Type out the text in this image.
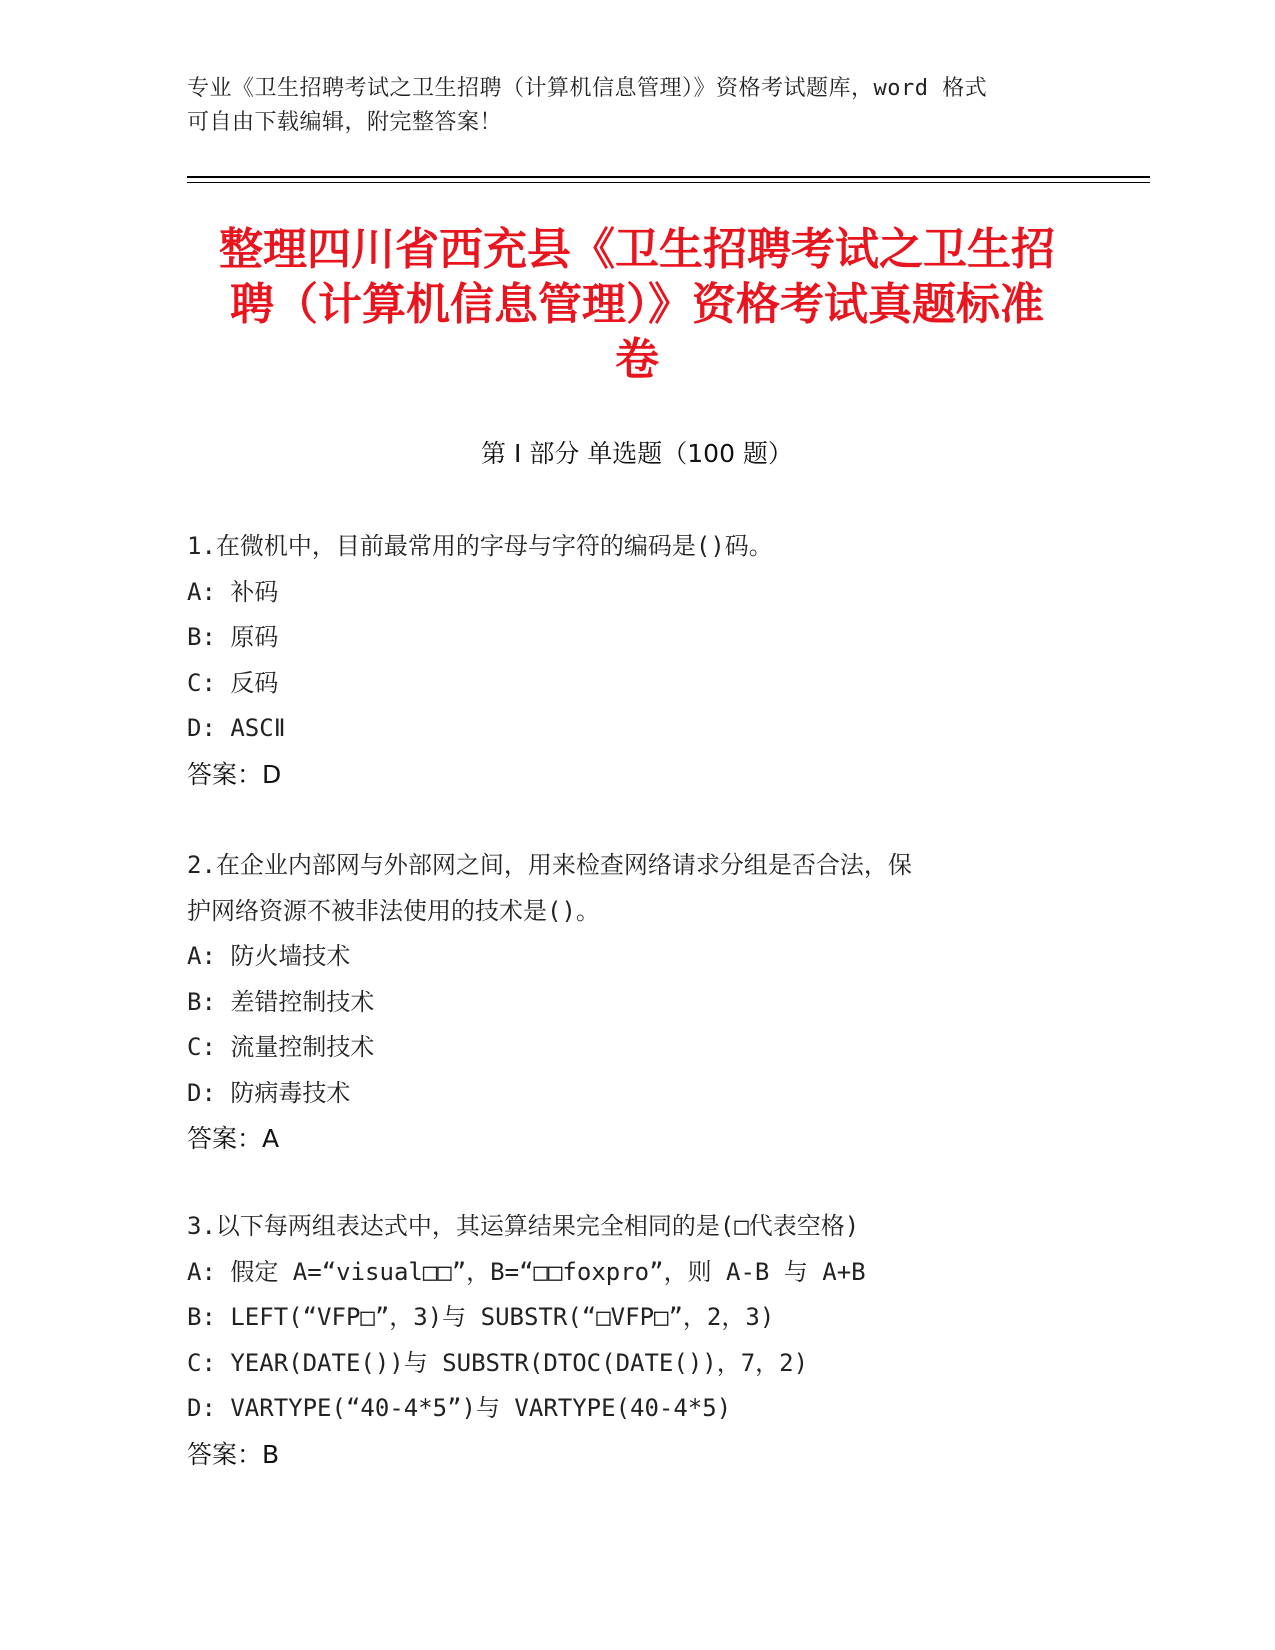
专业《卫生招聘考试之卫生招聘（计算机信息管理）》资格考试题库，word 格式
可自由下载编辑，附完整答案！
整理四川省西充县《卫生招聘考试之卫生招
聘（计算机信息管理）》资格考试真题标准
卷
第 I 部分 单选题（100 题）
1.在微机中，目前最常用的字母与字符的编码是()码。
A: 补码
B: 原码
C: 反码
D: ASCⅡ
答案：D
2.在企业内部网与外部网之间，用来检查网络请求分组是否合法，保
护网络资源不被非法使用的技术是()。
A: 防火墙技术
B: 差错控制技术
C: 流量控制技术
D: 防病毒技术
答案：A
3.以下每两组表达式中，其运算结果完全相同的是(□代表空格)
A: 假定 A=“visual□□”，B=“□□foxpro”，则 A-B 与 A+B
B: LEFT(“VFP□”，3)与 SUBSTR(“□VFP□”，2，3)
C: YEAR(DATE())与 SUBSTR(DTOC(DATE())，7，2)
D: VARTYPE(“40-4*5”)与 VARTYPE(40-4*5)
答案：B
